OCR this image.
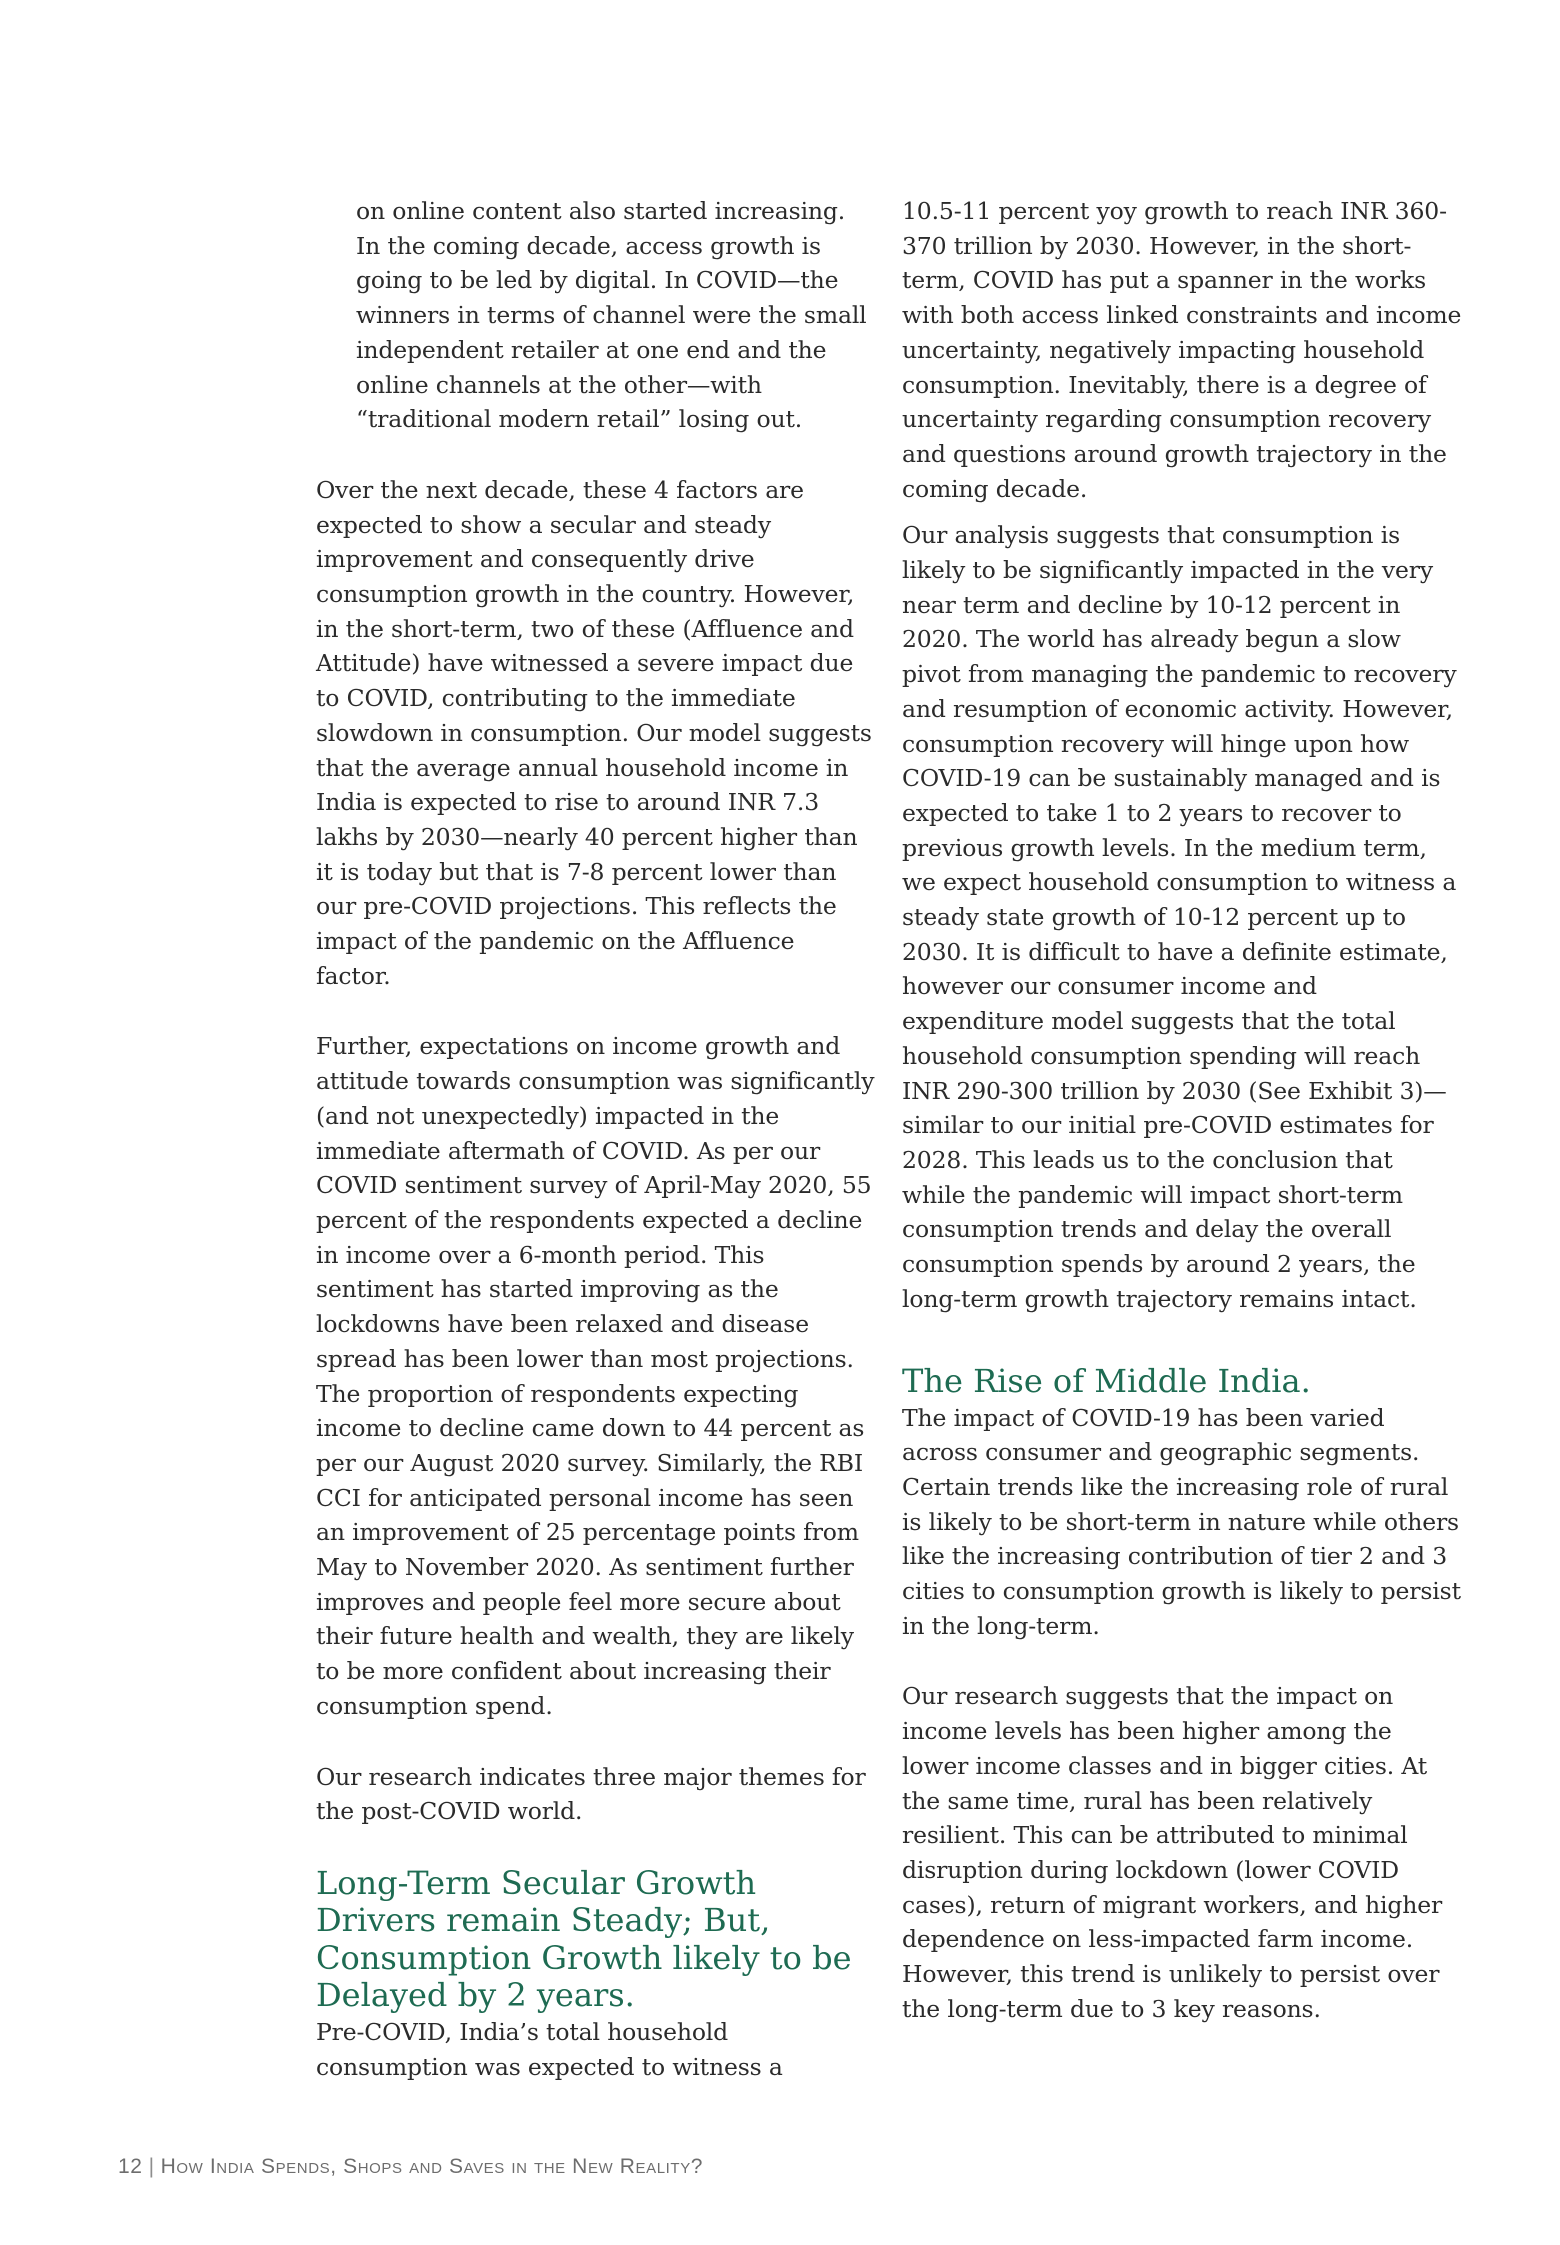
on online content also started increasing. In the coming decade, access growth is going to be led by digital. In COVID—the winners in terms of channel were the small independent retailer at one end and the online channels at the other—with “traditional modern retail” losing out.

Over the next decade, these 4 factors are expected to show a secular and steady improvement and consequently drive consumption growth in the country. However, in the short-term, two of these (Affluence and Attitude) have witnessed a severe impact due to COVID, contributing to the immediate slowdown in consumption. Our model suggests that the average annual household income in India is expected to rise to around INR 7.3 lakhs by 2030—nearly 40 percent higher than it is today but that is 7-8 percent lower than our pre-COVID projections. This reflects the impact of the pandemic on the Affluence factor.

Further, expectations on income growth and attitude towards consumption was significantly (and not unexpectedly) impacted in the immediate aftermath of COVID. As per our COVID sentiment survey of April-May 2020, 55 percent of the respondents expected a decline in income over a 6-month period. This sentiment has started improving as the lockdowns have been relaxed and disease spread has been lower than most projections. The proportion of respondents expecting income to decline came down to 44 percent as per our August 2020 survey. Similarly, the RBI CCI for anticipated personal income has seen an improvement of 25 percentage points from May to November 2020. As sentiment further improves and people feel more secure about their future health and wealth, they are likely to be more confident about increasing their consumption spend.

Our research indicates three major themes for the post-COVID world.

Long-Term Secular Growth Drivers remain Steady; But, Consumption Growth likely to be Delayed by 2 years.

Pre-COVID, India’s total household consumption was expected to witness a

10.5-11 percent yoy growth to reach INR 360-370 trillion by 2030. However, in the short-term, COVID has put a spanner in the works with both access linked constraints and income uncertainty, negatively impacting household consumption. Inevitably, there is a degree of uncertainty regarding consumption recovery and questions around growth trajectory in the coming decade.

Our analysis suggests that consumption is likely to be significantly impacted in the very near term and decline by 10-12 percent in 2020. The world has already begun a slow pivot from managing the pandemic to recovery and resumption of economic activity. However, consumption recovery will hinge upon how COVID-19 can be sustainably managed and is expected to take 1 to 2 years to recover to previous growth levels. In the medium term, we expect household consumption to witness a steady state growth of 10-12 percent up to 2030. It is difficult to have a definite estimate, however our consumer income and expenditure model suggests that the total household consumption spending will reach INR 290-300 trillion by 2030 (See Exhibit 3)—similar to our initial pre-COVID estimates for 2028. This leads us to the conclusion that while the pandemic will impact short-term consumption trends and delay the overall consumption spends by around 2 years, the long-term growth trajectory remains intact.

The Rise of Middle India.

The impact of COVID-19 has been varied across consumer and geographic segments. Certain trends like the increasing role of rural is likely to be short-term in nature while others like the increasing contribution of tier 2 and 3 cities to consumption growth is likely to persist in the long-term.

Our research suggests that the impact on income levels has been higher among the lower income classes and in bigger cities. At the same time, rural has been relatively resilient. This can be attributed to minimal disruption during lockdown (lower COVID cases), return of migrant workers, and higher dependence on less-impacted farm income. However, this trend is unlikely to persist over the long-term due to 3 key reasons.

12 | How India Spends, Shops and Saves in the New Reality?
